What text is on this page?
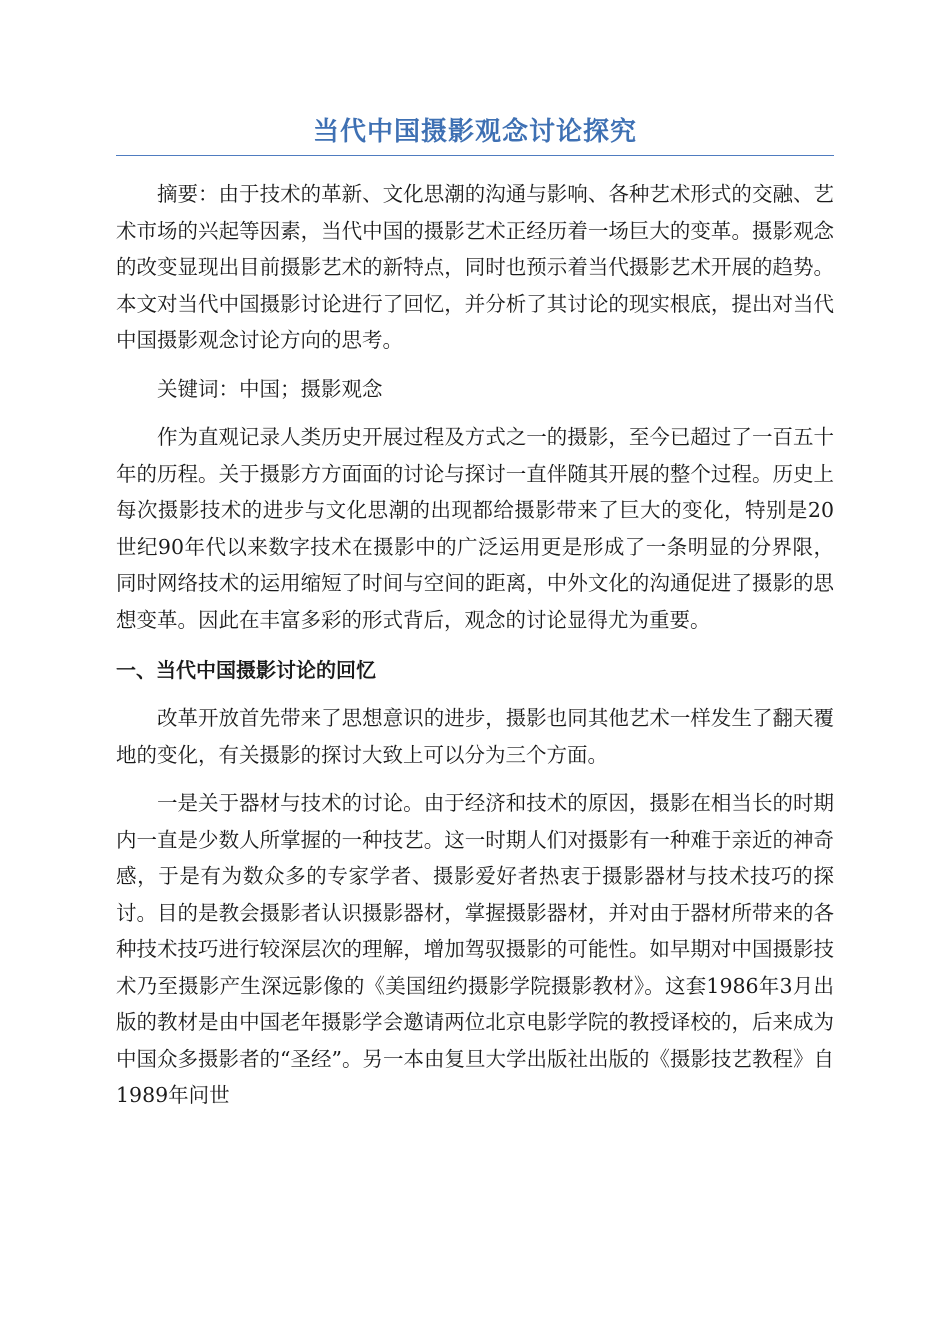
当代中国摄影观念讨论探究

摘要：由于技术的革新、文化思潮的沟通与影响、各种艺术形式的交融、艺术市场的兴起等因素，当代中国的摄影艺术正经历着一场巨大的变革。摄影观念的改变显现出目前摄影艺术的新特点，同时也预示着当代摄影艺术开展的趋势。本文对当代中国摄影讨论进行了回忆，并分析了其讨论的现实根底，提出对当代中国摄影观念讨论方向的思考。

关键词：中国；摄影观念

作为直观记录人类历史开展过程及方式之一的摄影，至今已超过了一百五十年的历程。关于摄影方方面面的讨论与探讨一直伴随其开展的整个过程。历史上每次摄影技术的进步与文化思潮的出现都给摄影带来了巨大的变化，特别是20世纪90年代以来数字技术在摄影中的广泛运用更是形成了一条明显的分界限，同时网络技术的运用缩短了时间与空间的距离，中外文化的沟通促进了摄影的思想变革。因此在丰富多彩的形式背后，观念的讨论显得尤为重要。

一、当代中国摄影讨论的回忆

改革开放首先带来了思想意识的进步，摄影也同其他艺术一样发生了翻天覆地的变化，有关摄影的探讨大致上可以分为三个方面。

一是关于器材与技术的讨论。由于经济和技术的原因，摄影在相当长的时期内一直是少数人所掌握的一种技艺。这一时期人们对摄影有一种难于亲近的神奇感，于是有为数众多的专家学者、摄影爱好者热衷于摄影器材与技术技巧的探讨。目的是教会摄影者认识摄影器材，掌握摄影器材，并对由于器材所带来的各种技术技巧进行较深层次的理解，增加驾驭摄影的可能性。如早期对中国摄影技术乃至摄影产生深远影像的《美国纽约摄影学院摄影教材》。这套1986年3月出版的教材是由中国老年摄影学会邀请两位北京电影学院的教授译校的，后来成为中国众多摄影者的“圣经”。另一本由复旦大学出版社出版的《摄影技艺教程》自1989年问世
